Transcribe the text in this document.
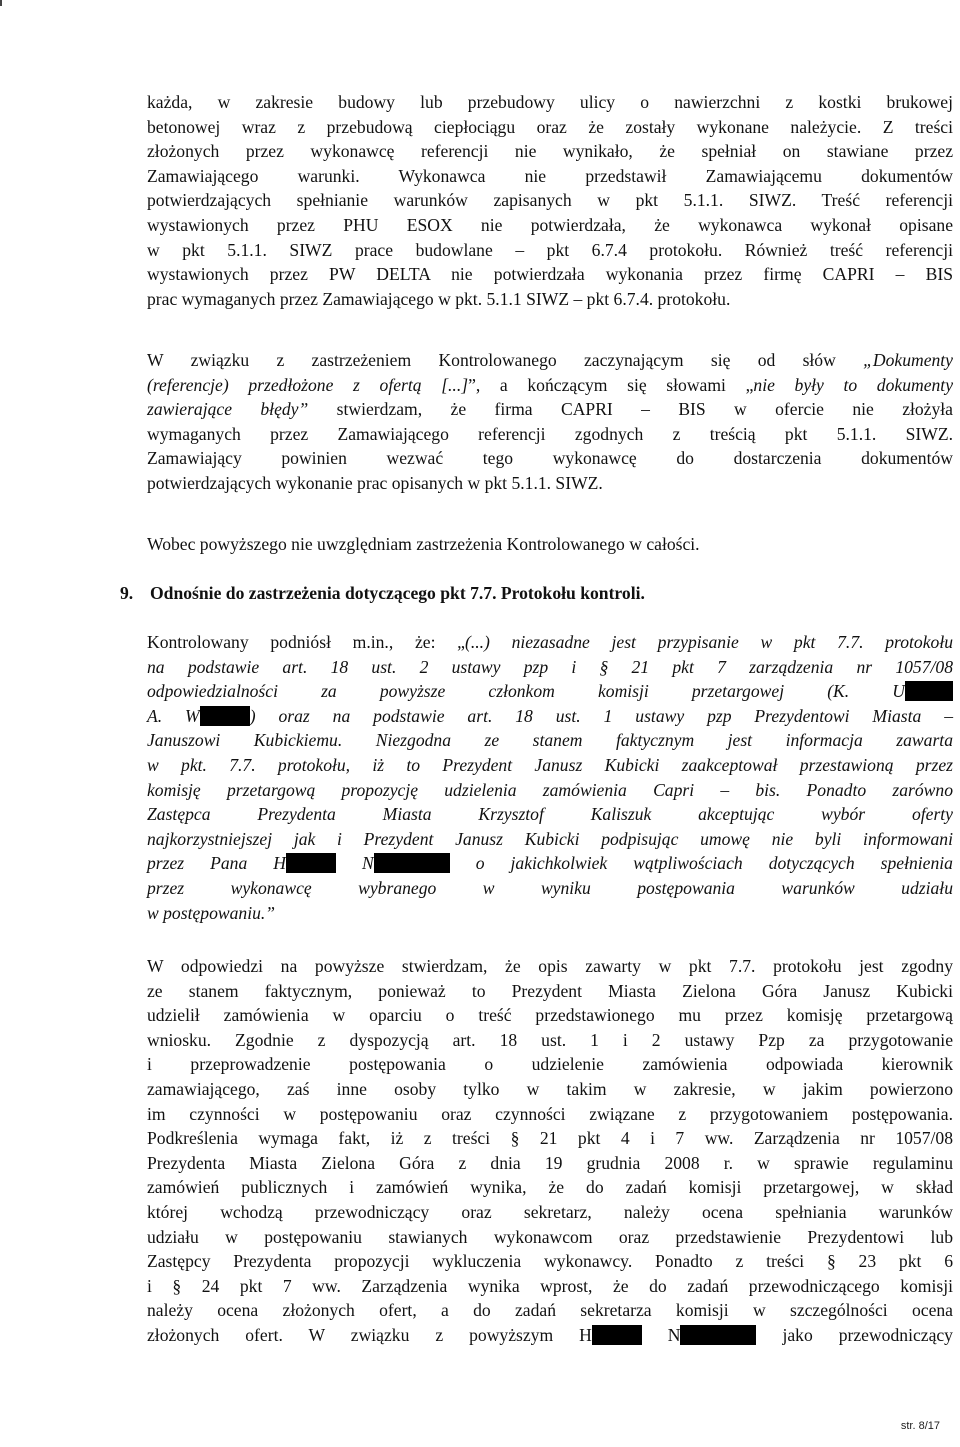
każda, w zakresie budowy lub przebudowy ulicy o nawierzchni z kostki brukowej
betonowej wraz z przebudową ciepłociągu oraz że zostały wykonane należycie. Z treści
złożonych przez wykonawcę referencji nie wynikało, że spełniał on stawiane przez
Zamawiającego warunki. Wykonawca nie przedstawił Zamawiającemu dokumentów
potwierdzających spełnianie warunków zapisanych w pkt 5.1.1. SIWZ. Treść referencji
wystawionych przez PHU ESOX nie potwierdzała, że wykonawca wykonał opisane
w pkt 5.1.1. SIWZ prace budowlane – pkt 6.7.4 protokołu. Również treść referencji
wystawionych przez PW DELTA nie potwierdzała wykonania przez firmę CAPRI – BIS
prac wymaganych przez Zamawiającego w pkt. 5.1.1 SIWZ – pkt 6.7.4. protokołu.

W związku z zastrzeżeniem Kontrolowanego zaczynającym się od słów „Dokumenty
(referencje) przedłożone z ofertą [...]”, a kończącym się słowami „nie były to dokumenty
zawierające błędy” stwierdzam, że firma CAPRI – BIS w ofercie nie złożyła
wymaganych przez Zamawiającego referencji zgodnych z treścią pkt 5.1.1. SIWZ.
Zamawiający powinien wezwać tego wykonawcę do dostarczenia dokumentów
potwierdzających wykonanie prac opisanych w pkt 5.1.1. SIWZ.

Wobec powyższego nie uwzględniam zastrzeżenia Kontrolowanego w całości.

9. Odnośnie do zastrzeżenia dotyczącego pkt 7.7. Protokołu kontroli.

Kontrolowany podniósł m.in., że: „(...) niezasadne jest przypisanie w pkt 7.7. protokołu
na podstawie art. 18 ust. 2 ustawy pzp i § 21 pkt 7 zarządzenia nr 1057/08
odpowiedzialności za powyższe członkom komisji przetargowej (K. U
A. W	) oraz na podstawie art. 18 ust. 1 ustawy pzp Prezydentowi Miasta –
Januszowi Kubickiemu. Niezgodna ze stanem faktycznym jest informacja zawarta
w pkt. 7.7. protokołu, iż to Prezydent Janusz Kubicki zaakceptował przestawioną przez
komisję przetargową propozycję udzielenia zamówienia Capri – bis. Ponadto zarówno
Zastępca Prezydenta Miasta Krzysztof Kaliszuk akceptując wybór oferty
najkorzystniejszej jak i Prezydent Janusz Kubicki podpisując umowę nie byli informowani
przez Pana H	N	o jakichkolwiek wątpliwościach dotyczących spełnienia
przez wykonawcę wybranego w wyniku postępowania warunków udziału
w postępowaniu.”

W odpowiedzi na powyższe stwierdzam, że opis zawarty w pkt 7.7. protokołu jest zgodny
ze stanem faktycznym, ponieważ to Prezydent Miasta Zielona Góra Janusz Kubicki
udzielił zamówienia w oparciu o treść przedstawionego mu przez komisję przetargową
wniosku. Zgodnie z dyspozycją art. 18 ust. 1 i 2 ustawy Pzp za przygotowanie
i przeprowadzenie postępowania o udzielenie zamówienia odpowiada kierownik
zamawiającego, zaś inne osoby tylko w takim w zakresie, w jakim powierzono
im czynności w postępowaniu oraz czynności związane z przygotowaniem postępowania.
Podkreślenia wymaga fakt, iż z treści § 21 pkt 4 i 7 ww. Zarządzenia nr 1057/08
Prezydenta Miasta Zielona Góra z dnia 19 grudnia 2008 r. w sprawie regulaminu
zamówień publicznych i zamówień wynika, że do zadań komisji przetargowej, w skład
której wchodzą przewodniczący oraz sekretarz, należy ocena spełniania warunków
udziału w postępowaniu stawianych wykonawcom oraz przedstawienie Prezydentowi lub
Zastępcy Prezydenta propozycji wykluczenia wykonawcy. Ponadto z treści § 23 pkt 6
i § 24 pkt 7 ww. Zarządzenia wynika wprost, że do zadań przewodniczącego komisji
należy ocena złożonych ofert, a do zadań sekretarza komisji w szczególności ocena
złożonych ofert. W związku z powyższym H	N	jako przewodniczący

str. 8/17
